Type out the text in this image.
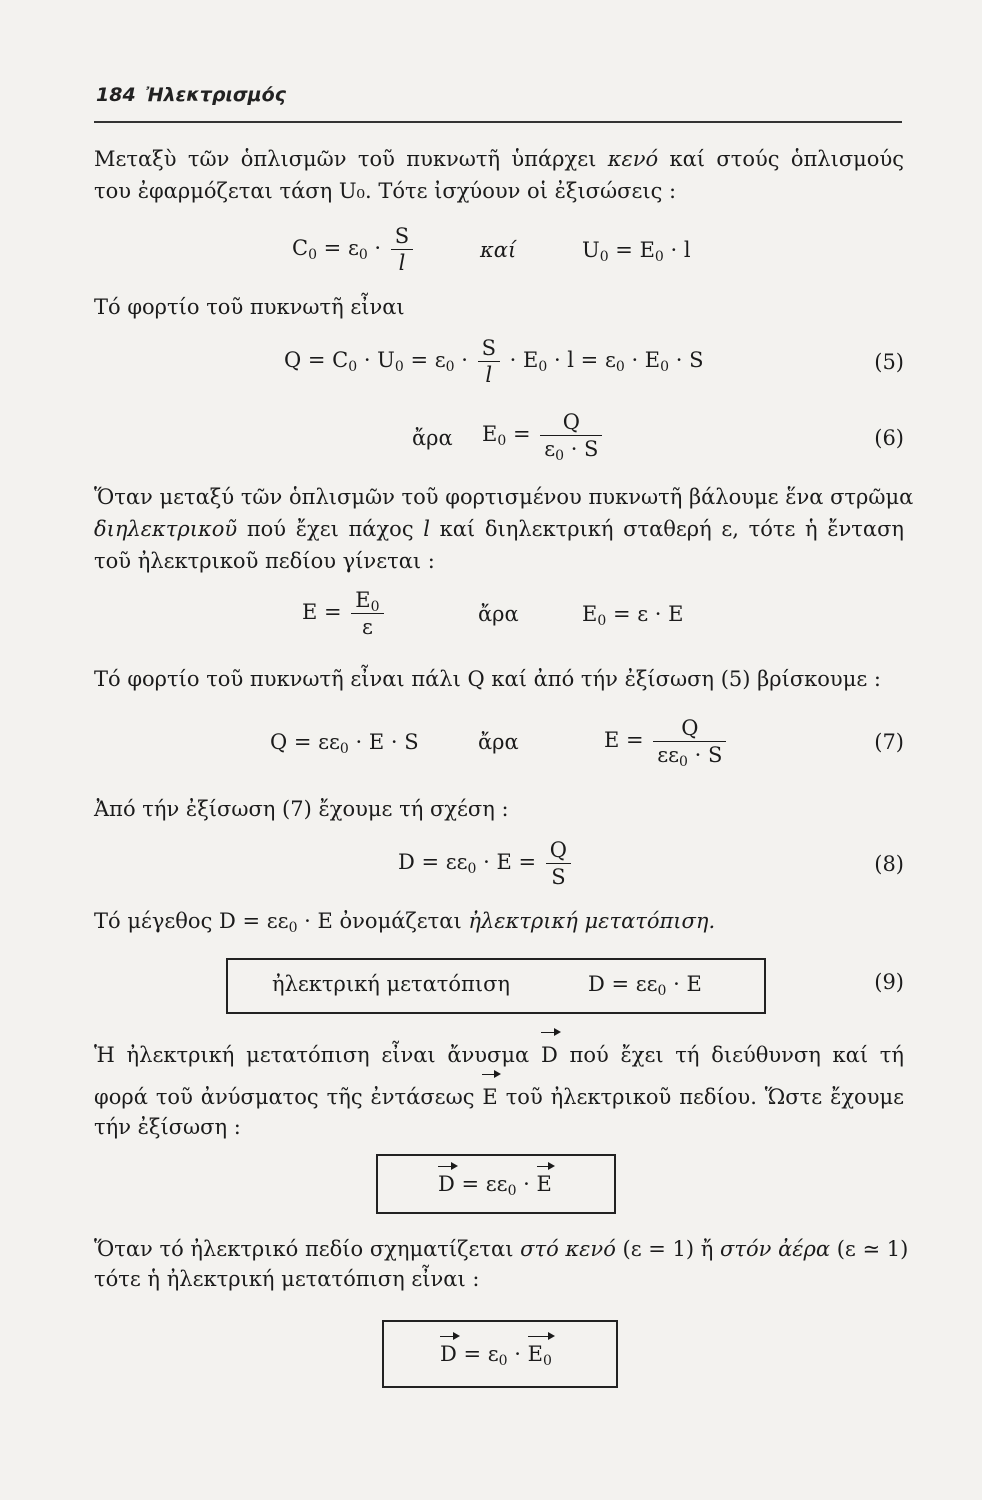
184 Ἠλεκτρισμός
Μεταξὺ τῶν ὁπλισμῶν τοῦ πυκνωτῆ ὑπάρχει κενό καί στούς ὁπλισμούς
του ἐφαρμόζεται τάση U₀. Τότε ἰσχύουν οἱ ἐξισώσεις :
$C_0 = \varepsilon_0 \cdot \frac{S}{l}$	καί	$U_0 = E_0 \cdot l$
Τό φορτίο τοῦ πυκνωτῆ εἶναι
$Q = C_0 \cdot U_0 = \varepsilon_0 \cdot \frac{S}{l} \cdot E_0 \cdot l = \varepsilon_0 \cdot E_0 \cdot S$	(5)
ἄρα $E_0 = \frac{Q}{\varepsilon_0 \cdot S}$	(6)
Ὅταν μεταξύ τῶν ὁπλισμῶν τοῦ φορτισμένου πυκνωτῆ βάλουμε ἕνα στρῶμα
διηλεκτρικοῦ πού ἔχει πάχος l καί διηλεκτρική σταθερή ε, τότε ἡ ἔνταση
τοῦ ἠλεκτρικοῦ πεδίου γίνεται :
$E = \frac{E_0}{\varepsilon}$	ἄρα	$E_0 = \varepsilon \cdot E$
Τό φορτίο τοῦ πυκνωτῆ εἶναι πάλι Q καί ἀπό τήν ἐξίσωση (5) βρίσκουμε :
$Q = \varepsilon\varepsilon_0 \cdot E \cdot S$	ἄρα	$E = \frac{Q}{\varepsilon\varepsilon_0 \cdot S}$	(7)
Ἀπό τήν ἐξίσωση (7) ἔχουμε τή σχέση :
$D = \varepsilon\varepsilon_0 \cdot E = \frac{Q}{S}$	(8)
Τό μέγεθος $D = \varepsilon\varepsilon_0 \cdot E$ ὀνομάζεται ἠλεκτρική μετατόπιση.
ἠλεκτρική μετατόπιση	$D = \varepsilon\varepsilon_0 \cdot E$	(9)
Ἡ ἠλεκτρική μετατόπιση εἶναι ἄνυσμα D πού ἔχει τή διεύθυνση καί τή
φορά τοῦ ἀνύσματος τῆς ἐντάσεως E τοῦ ἠλεκτρικοῦ πεδίου. Ὥστε ἔχουμε
τήν ἐξίσωση :
$D = \varepsilon\varepsilon_0 \cdot E$
Ὅταν τό ἠλεκτρικό πεδίο σχηματίζεται στό κενό (ε = 1) ἤ στόν ἀέρα (ε ≃ 1)
τότε ἡ ἠλεκτρική μετατόπιση εἶναι :
$D = \varepsilon_0 \cdot E_0$
